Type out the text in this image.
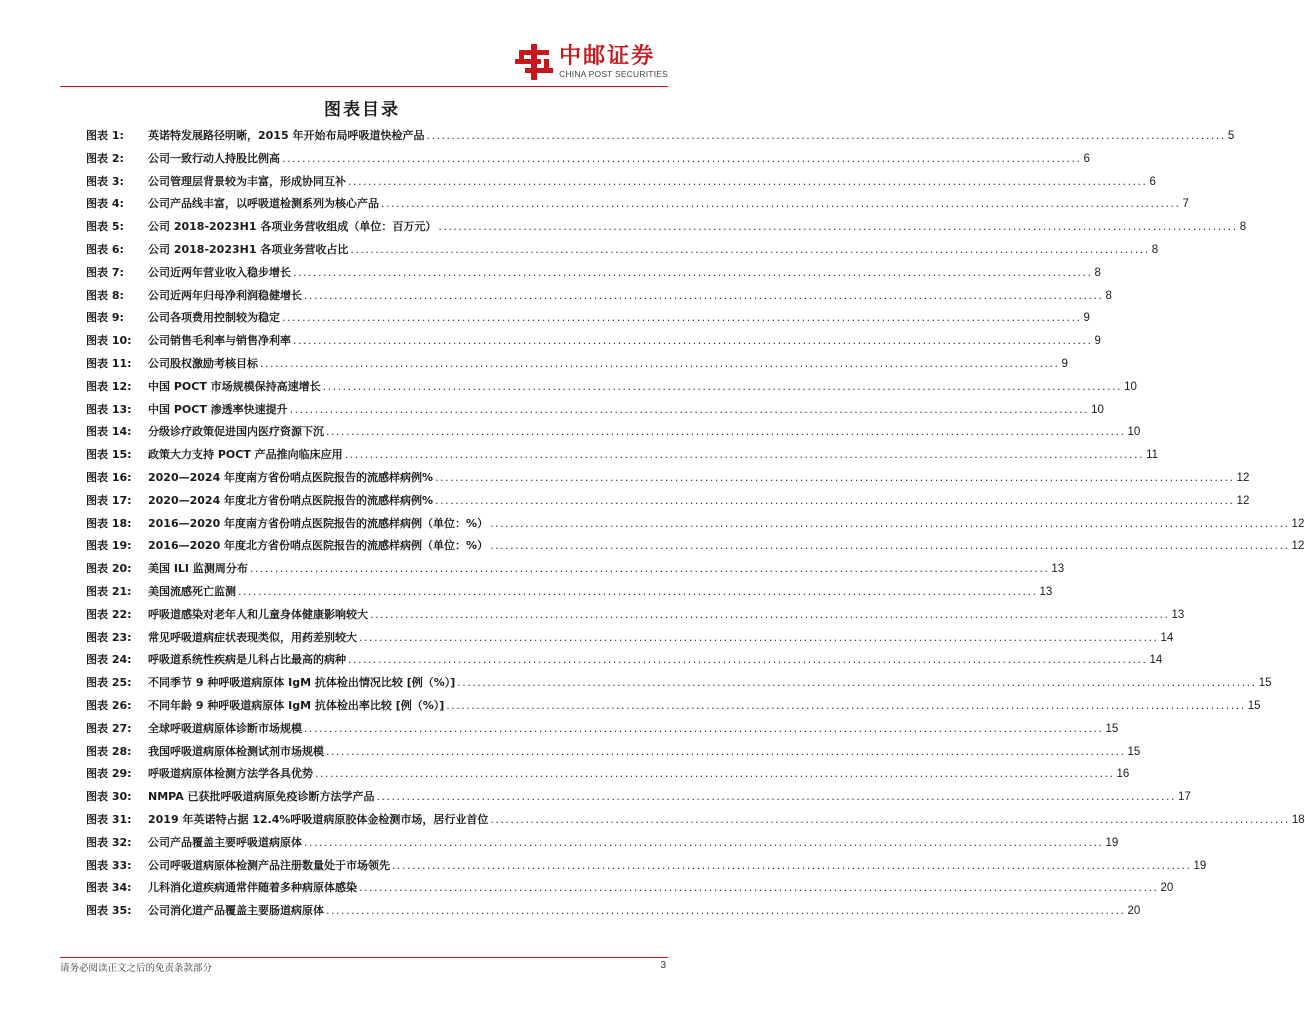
中邮证券
CHINA POST SECURITIES
图表目录
图表 1:	英诺特发展路径明晰，2015 年开始布局呼吸道快检产品 .....	5
图表 2:	公司一致行动人持股比例高 .....	6
图表 3:	公司管理层背景较为丰富，形成协同互补 .....	6
图表 4:	公司产品线丰富，以呼吸道检测系列为核心产品 .....	7
图表 5:	公司 2018-2023H1 各项业务营收组成（单位：百万元） .....	8
图表 6:	公司 2018-2023H1 各项业务营收占比 .....	8
图表 7:	公司近两年营业收入稳步增长 .....	8
图表 8:	公司近两年归母净利润稳健增长 .....	8
图表 9:	公司各项费用控制较为稳定 .....	9
图表 10:	公司销售毛利率与销售净利率 .....	9
图表 11:	公司股权激励考核目标 .....	9
图表 12:	中国 POCT 市场规模保持高速增长 .....	10
图表 13:	中国 POCT 渗透率快速提升 .....	10
图表 14:	分级诊疗政策促进国内医疗资源下沉 .....	10
图表 15:	政策大力支持 POCT 产品推向临床应用 .....	11
图表 16:	2020—2024 年度南方省份哨点医院报告的流感样病例% .....	12
图表 17:	2020—2024 年度北方省份哨点医院报告的流感样病例% .....	12
图表 18:	2016—2020 年度南方省份哨点医院报告的流感样病例（单位：%） .....	12
图表 19:	2016—2020 年度北方省份哨点医院报告的流感样病例（单位：%） .....	12
图表 20:	美国 ILI 监测周分布 .....	13
图表 21:	美国流感死亡监测 .....	13
图表 22:	呼吸道感染对老年人和儿童身体健康影响较大 .....	13
图表 23:	常见呼吸道病症状表现类似，用药差别较大 .....	14
图表 24:	呼吸道系统性疾病是儿科占比最高的病种 .....	14
图表 25:	不同季节 9 种呼吸道病原体 IgM 抗体检出情况比较 [例（%）] .....	15
图表 26:	不同年龄 9 种呼吸道病原体 IgM 抗体检出率比较 [例（%）] .....	15
图表 27:	全球呼吸道病原体诊断市场规模 .....	15
图表 28:	我国呼吸道病原体检测试剂市场规模 .....	15
图表 29:	呼吸道病原体检测方法学各具优势 .....	16
图表 30:	NMPA 已获批呼吸道病原免疫诊断方法学产品 .....	17
图表 31:	2019 年英诺特占据 12.4%呼吸道病原胶体金检测市场，居行业首位 .....	18
图表 32:	公司产品覆盖主要呼吸道病原体 .....	19
图表 33:	公司呼吸道病原体检测产品注册数量处于市场领先 .....	19
图表 34:	儿科消化道疾病通常伴随着多种病原体感染 .....	20
图表 35:	公司消化道产品覆盖主要肠道病原体 .....	20
请务必阅读正文之后的免责条款部分	3
